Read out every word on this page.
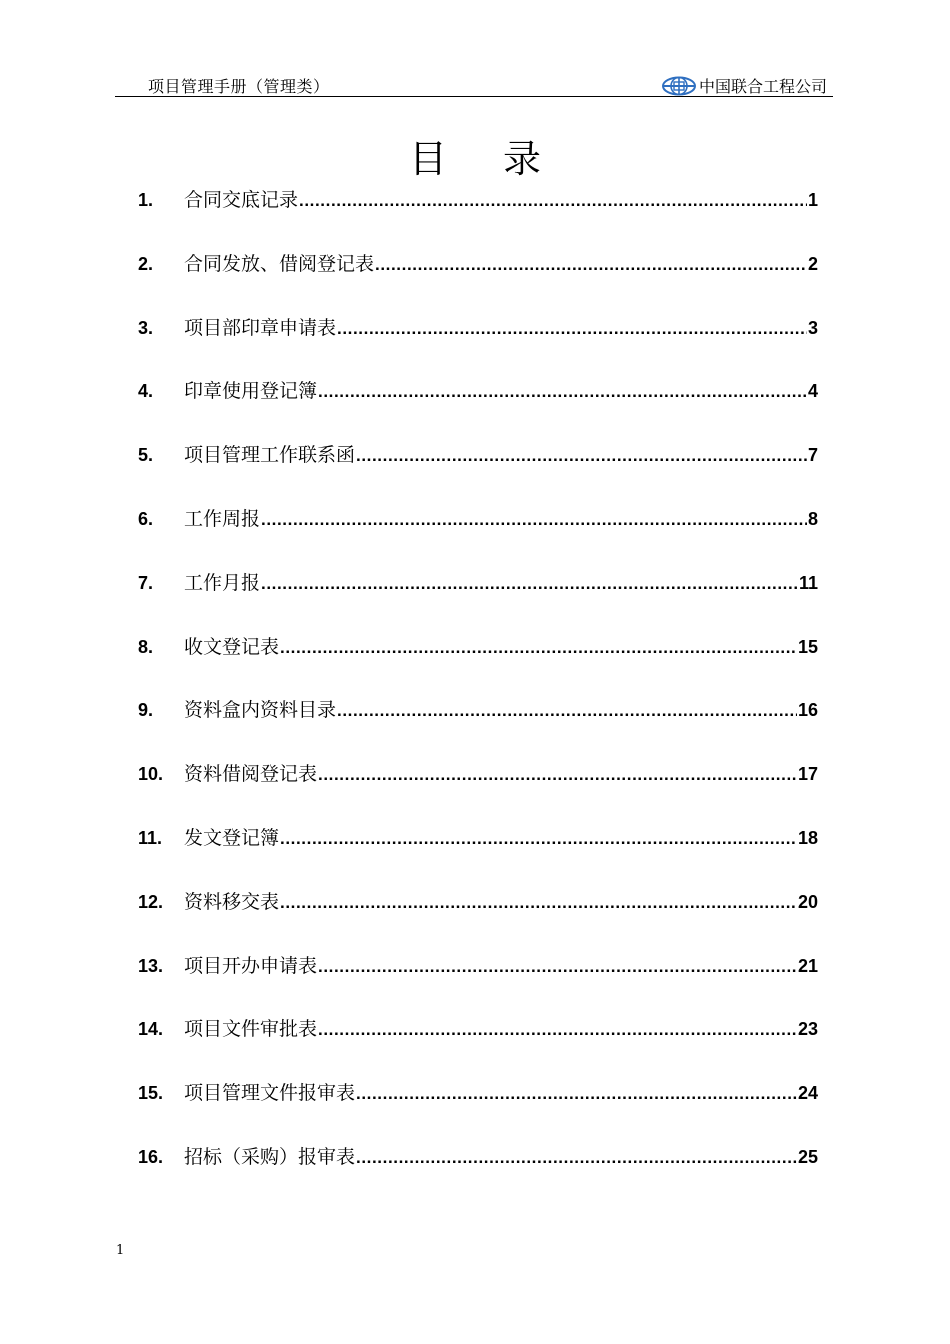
项目管理手册（管理类）	中国联合工程公司
目录
1.	合同交底记录 .....	1
2.	合同发放、借阅登记表 .....	2
3.	项目部印章申请表 .....	3
4.	印章使用登记簿 .....	4
5.	项目管理工作联系函 .....	7
6.	工作周报 .....	8
7.	工作月报 .....	11
8.	收文登记表 .....	15
9.	资料盒内资料目录 .....	16
10.	资料借阅登记表 .....	17
11.	发文登记簿 .....	18
12.	资料移交表 .....	20
13.	项目开办申请表 .....	21
14.	项目文件审批表 .....	23
15.	项目管理文件报审表 .....	24
16.	招标（采购）报审表 .....	25
1
